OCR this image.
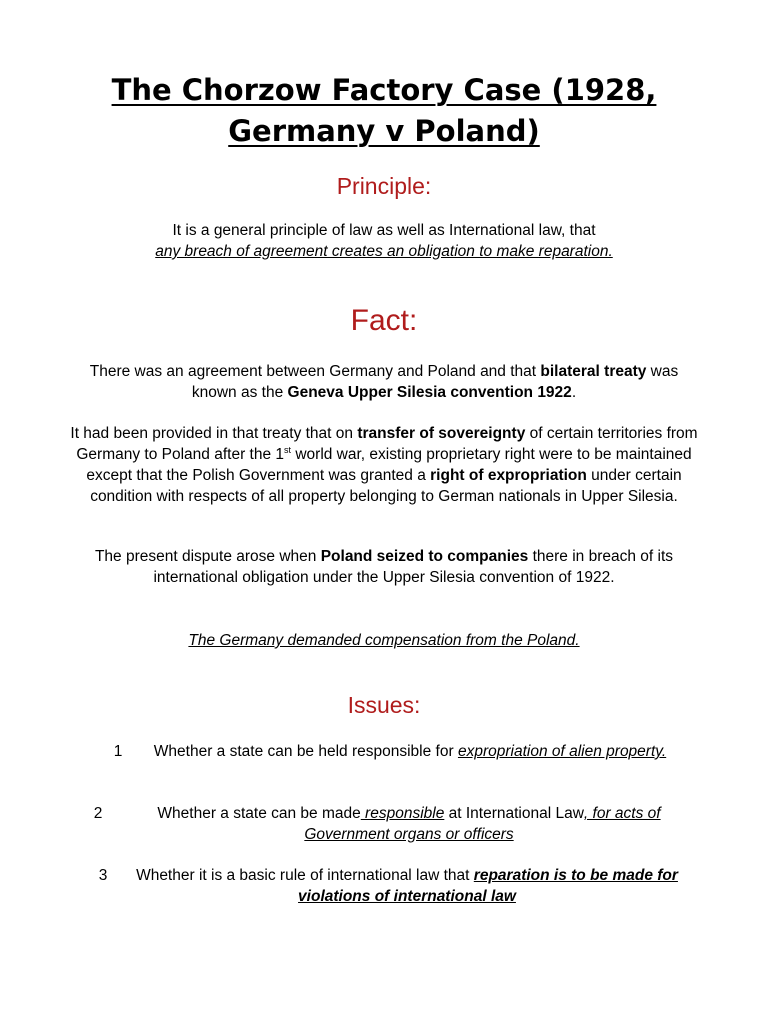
The Chorzow Factory Case (1928,
Germany v Poland)
Principle:

It is a general principle of law as well as International law, that
any breach of agreement creates an obligation to make reparation.

Fact:

There was an agreement between Germany and Poland and that bilateral treaty was known as the Geneva Upper Silesia convention 1922.

It had been provided in that treaty that on transfer of sovereignty of certain territories from Germany to Poland after the 1st world war, existing proprietary right were to be maintained except that the Polish Government was granted a right of expropriation under certain condition with respects of all property belonging to German nationals in Upper Silesia.

The present dispute arose when Poland seized to companies there in breach of its international obligation under the Upper Silesia convention of 1922.

The Germany demanded compensation from the Poland.

Issues:
1	Whether a state can be held responsible for expropriation of alien property.
2	Whether a state can be made responsible at International Law, for acts of Government organs or officers
3	Whether it is a basic rule of international law that reparation is to be made for violations of international law
